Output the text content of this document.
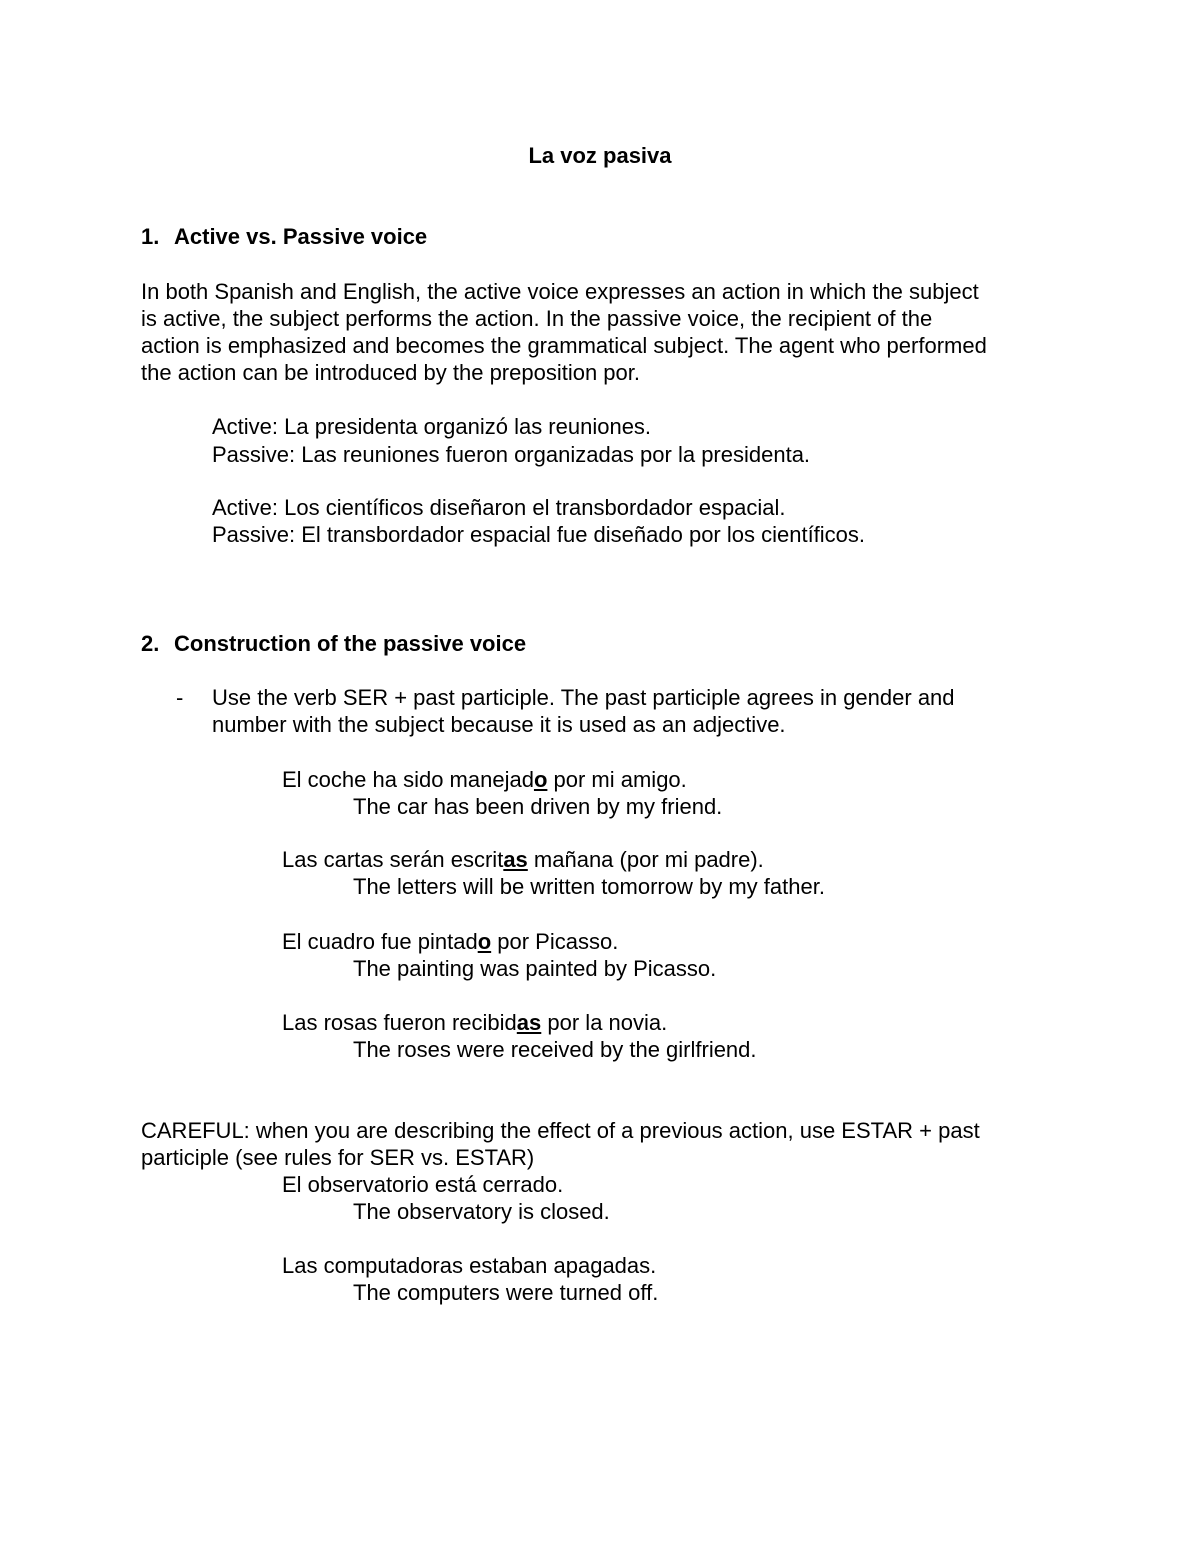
La voz pasiva

1. Active vs. Passive voice

In both Spanish and English, the active voice expresses an action in which the subject

is active, the subject performs the action. In the passive voice, the recipient of the

action is emphasized and becomes the grammatical subject. The agent who performed

the action can be introduced by the preposition por.

Active: La presidenta organizó las reuniones.

Passive: Las reuniones fueron organizadas por la presidenta.

Active: Los científicos diseñaron el transbordador espacial.

Passive: El transbordador espacial fue diseñado por los científicos.

2. Construction of the passive voice

- Use the verb SER + past participle. The past participle agrees in gender and

number with the subject because it is used as an adjective.

El coche ha sido manejado por mi amigo.

The car has been driven by my friend.

Las cartas serán escritas mañana (por mi padre).

The letters will be written tomorrow by my father.

El cuadro fue pintado por Picasso.

The painting was painted by Picasso.

Las rosas fueron recibidas por la novia.

The roses were received by the girlfriend.

CAREFUL: when you are describing the effect of a previous action, use ESTAR + past

participle (see rules for SER vs. ESTAR)

El observatorio está cerrado.

The observatory is closed.

Las computadoras estaban apagadas.

The computers were turned off.
